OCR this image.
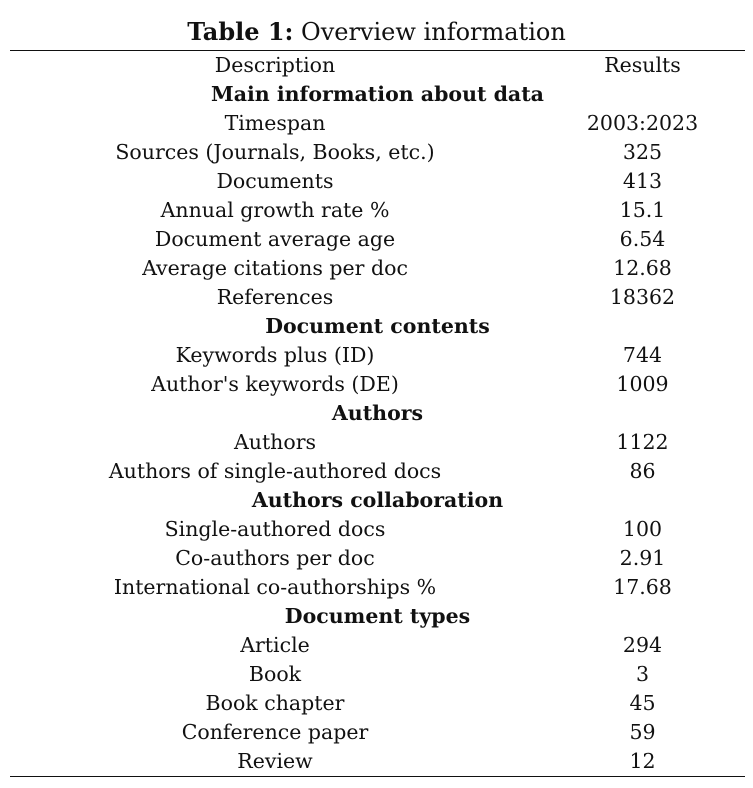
Table 1: Overview information
Description	Results
Main information about data	
Timespan	2003:2023
Sources (Journals, Books, etc.)	325
Documents	413
Annual growth rate %	15.1
Document average age	6.54
Average citations per doc	12.68
References	18362
Document contents	
Keywords plus (ID)	744
Author's keywords (DE)	1009
Authors	
Authors	1122
Authors of single-authored docs	86
Authors collaboration	
Single-authored docs	100
Co-authors per doc	2.91
International co-authorships %	17.68
Document types	
Article	294
Book	3
Book chapter	45
Conference paper	59
Review	12
